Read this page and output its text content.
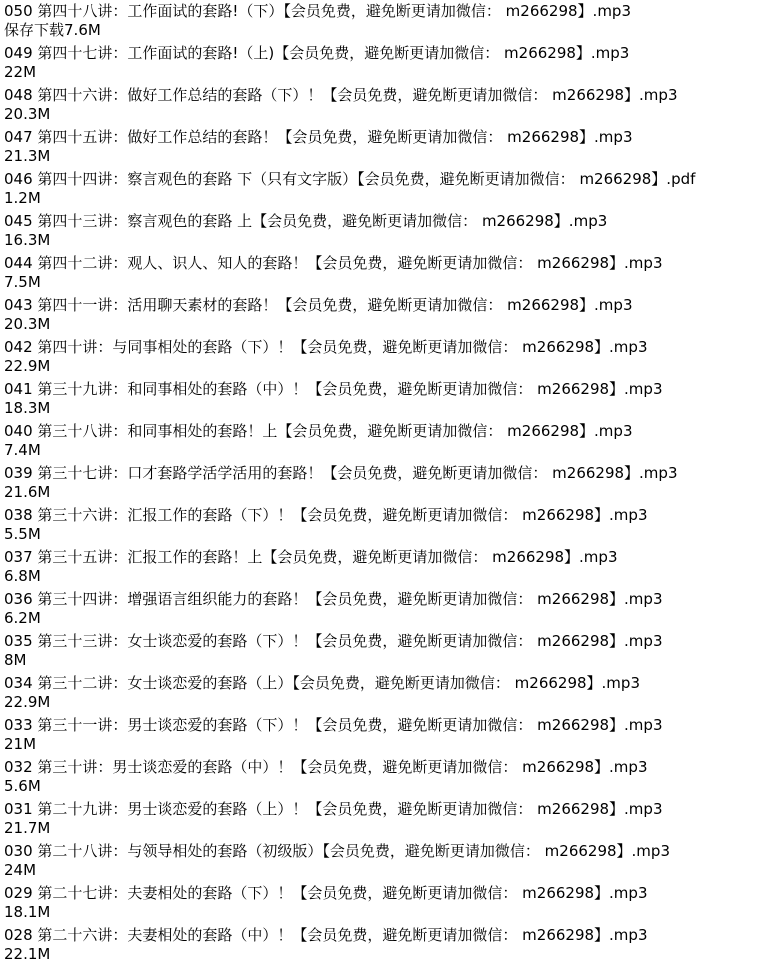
050 第四十八讲：工作面试的套路!（下）【会员免费，避免断更请加微信： m266298】.mp3
保存下载7.6M
049 第四十七讲：工作面试的套路!（上)【会员免费，避免断更请加微信： m266298】.mp3
22M
048 第四十六讲：做好工作总结的套路（下）！【会员免费，避免断更请加微信： m266298】.mp3
20.3M
047 第四十五讲：做好工作总结的套路！【会员免费，避免断更请加微信： m266298】.mp3
21.3M
046 第四十四讲：察言观色的套路 下（只有文字版）【会员免费，避免断更请加微信： m266298】.pdf
1.2M
045 第四十三讲：察言观色的套路 上【会员免费，避免断更请加微信： m266298】.mp3
16.3M
044 第四十二讲：观人、识人、知人的套路！【会员免费，避免断更请加微信： m266298】.mp3
7.5M
043 第四十一讲：活用聊天素材的套路！【会员免费，避免断更请加微信： m266298】.mp3
20.3M
042 第四十讲：与同事相处的套路（下）！【会员免费，避免断更请加微信： m266298】.mp3
22.9M
041 第三十九讲：和同事相处的套路（中）！【会员免费，避免断更请加微信： m266298】.mp3
18.3M
040 第三十八讲：和同事相处的套路！上【会员免费，避免断更请加微信： m266298】.mp3
7.4M
039 第三十七讲：口才套路学活学活用的套路！【会员免费，避免断更请加微信： m266298】.mp3
21.6M
038 第三十六讲：汇报工作的套路（下）！【会员免费，避免断更请加微信： m266298】.mp3
5.5M
037 第三十五讲：汇报工作的套路！上【会员免费，避免断更请加微信： m266298】.mp3
6.8M
036 第三十四讲：增强语言组织能力的套路！【会员免费，避免断更请加微信： m266298】.mp3
6.2M
035 第三十三讲：女士谈恋爱的套路（下）！【会员免费，避免断更请加微信： m266298】.mp3
8M
034 第三十二讲：女士谈恋爱的套路（上）【会员免费，避免断更请加微信： m266298】.mp3
22.9M
033 第三十一讲：男士谈恋爱的套路（下）！【会员免费，避免断更请加微信： m266298】.mp3
21M
032 第三十讲：男士谈恋爱的套路（中）！【会员免费，避免断更请加微信： m266298】.mp3
5.6M
031 第二十九讲：男士谈恋爱的套路（上）！【会员免费，避免断更请加微信： m266298】.mp3
21.7M
030 第二十八讲：与领导相处的套路（初级版）【会员免费，避免断更请加微信： m266298】.mp3
24M
029 第二十七讲：夫妻相处的套路（下）！【会员免费，避免断更请加微信： m266298】.mp3
18.1M
028 第二十六讲：夫妻相处的套路（中）！【会员免费，避免断更请加微信： m266298】.mp3
22.1M
